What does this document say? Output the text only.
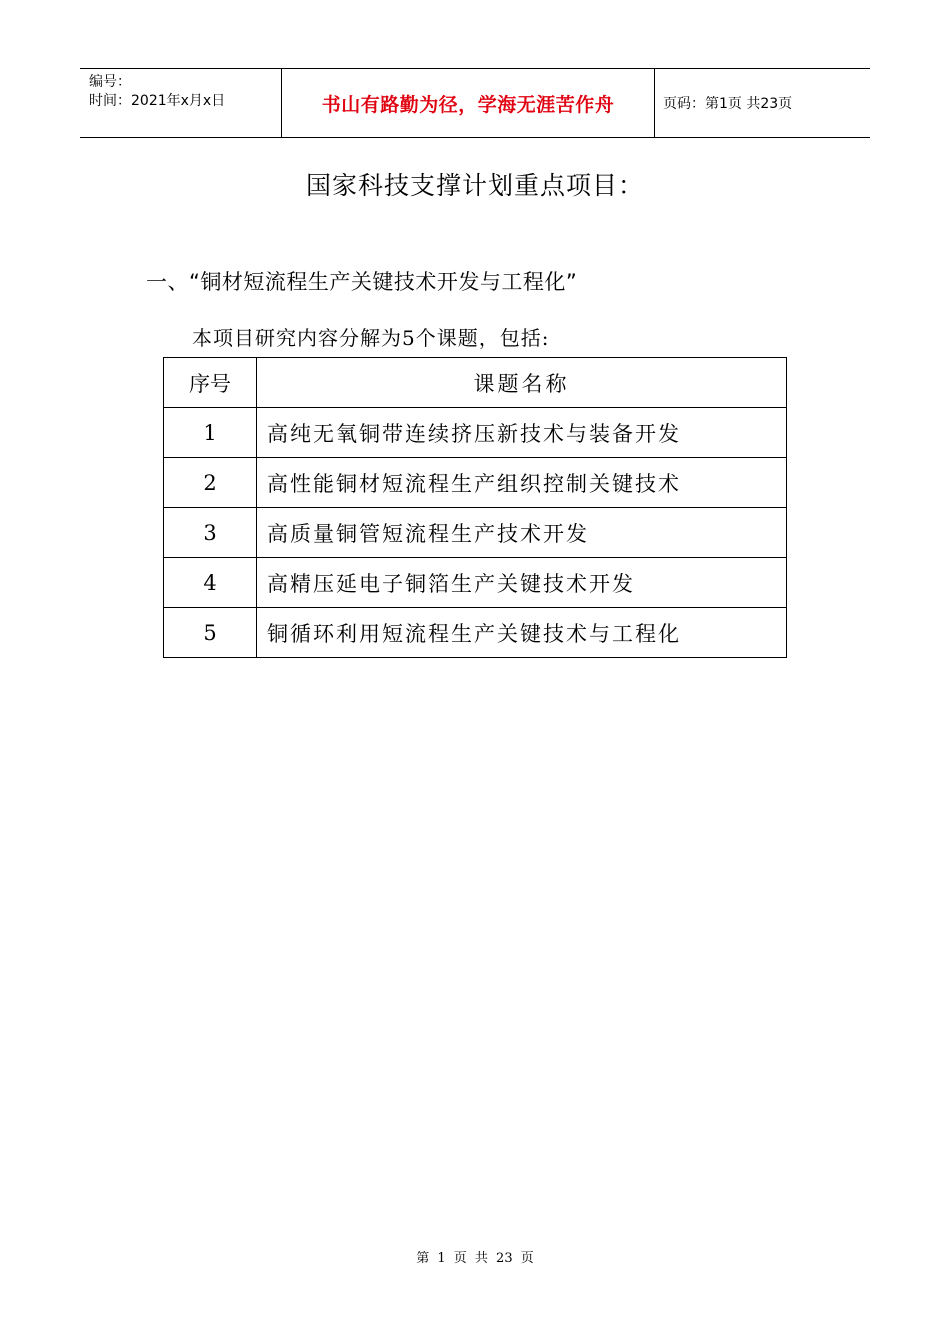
编号：
时间：2021年x月x日	书山有路勤为径，学海无涯苦作舟	页码：第1页 共23页
国家科技支撑计划重点项目：
一、“铜材短流程生产关键技术开发与工程化”
本项目研究内容分解为5个课题，包括:
序号	课题名称
1	高纯无氧铜带连续挤压新技术与装备开发
2	高性能铜材短流程生产组织控制关键技术
3	高质量铜管短流程生产技术开发
4	高精压延电子铜箔生产关键技术开发
5	铜循环利用短流程生产关键技术与工程化
第 1 页 共 23 页
